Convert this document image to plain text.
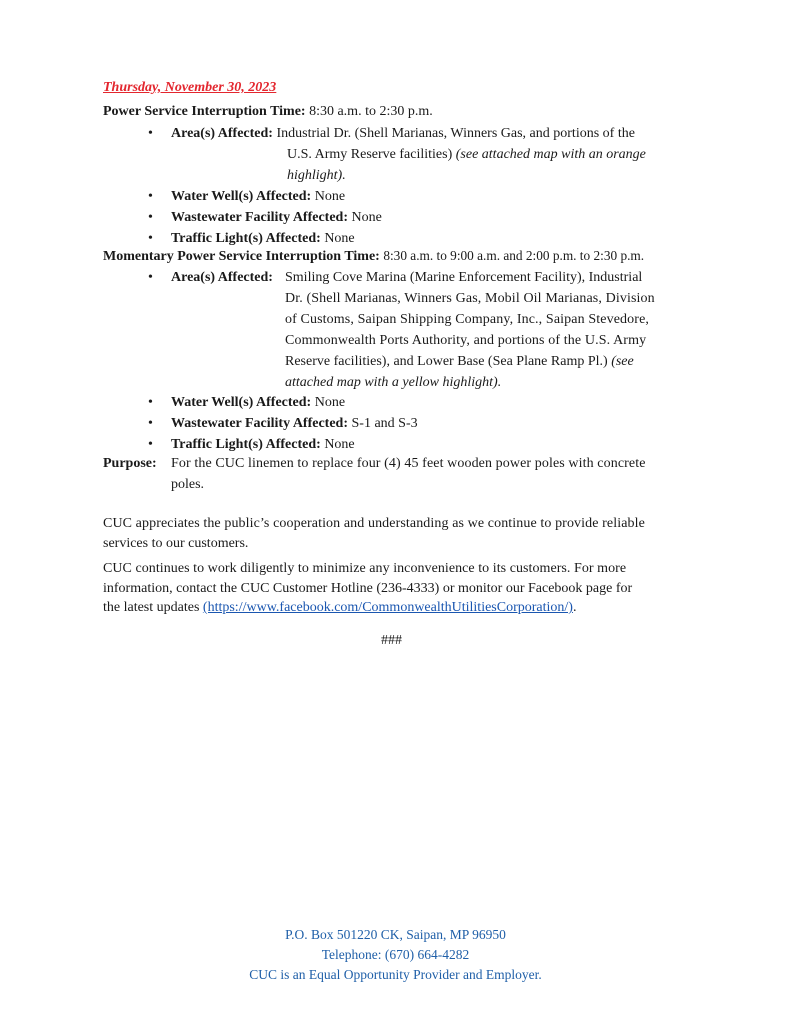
Thursday, November 30, 2023
Power Service Interruption Time: 8:30 a.m. to 2:30 p.m.
• Area(s) Affected: Industrial Dr. (Shell Marianas, Winners Gas, and portions of the
U.S. Army Reserve facilities) (see attached map with an orange
highlight).
• Water Well(s) Affected: None
• Wastewater Facility Affected: None
• Traffic Light(s) Affected: None
Momentary Power Service Interruption Time: 8:30 a.m. to 9:00 a.m. and 2:00 p.m. to 2:30 p.m.
• Area(s) Affected: Smiling Cove Marina (Marine Enforcement Facility), Industrial
Dr. (Shell Marianas, Winners Gas, Mobil Oil Marianas, Division
of Customs, Saipan Shipping Company, Inc., Saipan Stevedore,
Commonwealth Ports Authority, and portions of the U.S. Army
Reserve facilities), and Lower Base (Sea Plane Ramp Pl.) (see
attached map with a yellow highlight).
• Water Well(s) Affected: None
• Wastewater Facility Affected: S-1 and S-3
• Traffic Light(s) Affected: None
Purpose: For the CUC linemen to replace four (4) 45 feet wooden power poles with concrete
poles.
CUC appreciates the public’s cooperation and understanding as we continue to provide reliable
services to our customers.
CUC continues to work diligently to minimize any inconvenience to its customers. For more
information, contact the CUC Customer Hotline (236-4333) or monitor our Facebook page for
the latest updates (https://www.facebook.com/CommonwealthUtilitiesCorporation/).
###
P.O. Box 501220 CK, Saipan, MP 96950
Telephone: (670) 664-4282
CUC is an Equal Opportunity Provider and Employer.
